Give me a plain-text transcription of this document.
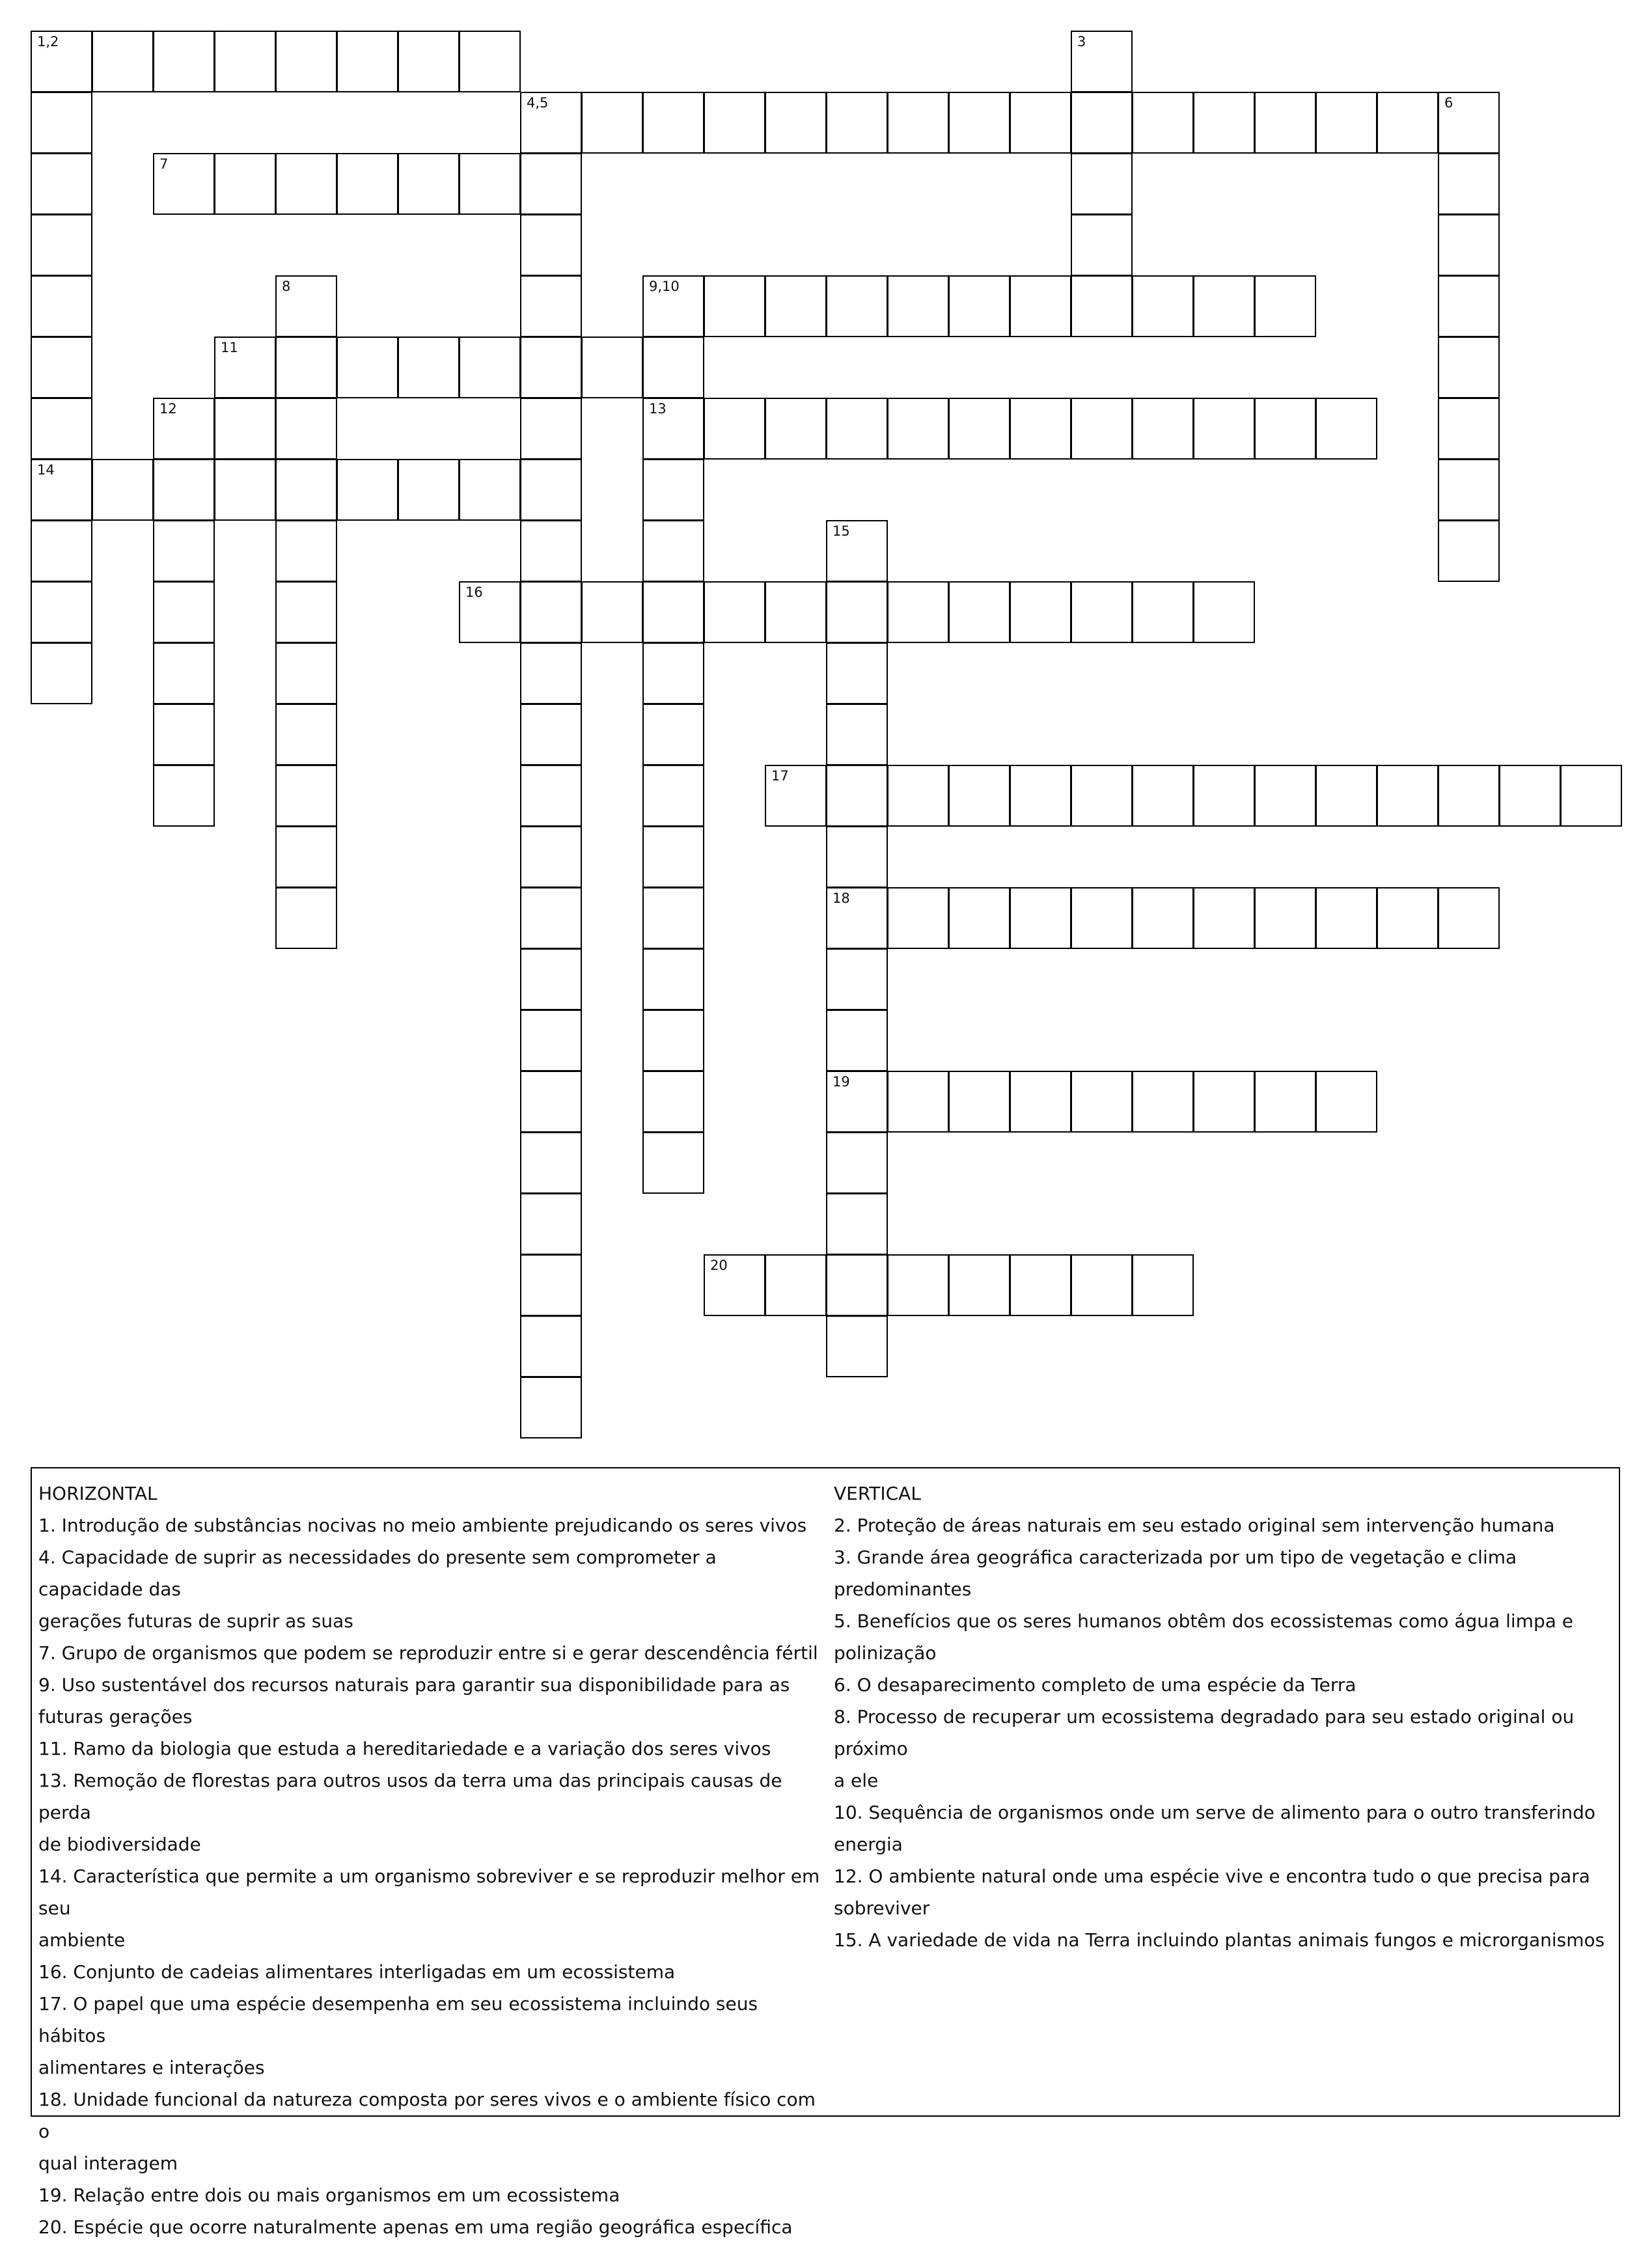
1,2	3
4,5	6
7
8	9,10
11
12	13
14
15
16
17
18
19
20
HORIZONTAL
1. Introdução de substâncias nocivas no meio ambiente prejudicando os seres vivos
4. Capacidade de suprir as necessidades do presente sem comprometer a capacidade das
gerações futuras de suprir as suas
7. Grupo de organismos que podem se reproduzir entre si e gerar descendência fértil
9. Uso sustentável dos recursos naturais para garantir sua disponibilidade para as
futuras gerações
11. Ramo da biologia que estuda a hereditariedade e a variação dos seres vivos
13. Remoção de florestas para outros usos da terra uma das principais causas de perda
de biodiversidade
14. Característica que permite a um organismo sobreviver e se reproduzir melhor em seu
ambiente
16. Conjunto de cadeias alimentares interligadas em um ecossistema
17. O papel que uma espécie desempenha em seu ecossistema incluindo seus hábitos
alimentares e interações
18. Unidade funcional da natureza composta por seres vivos e o ambiente físico com o
qual interagem
19. Relação entre dois ou mais organismos em um ecossistema
20. Espécie que ocorre naturalmente apenas em uma região geográfica específica
VERTICAL
2. Proteção de áreas naturais em seu estado original sem intervenção humana
3. Grande área geográfica caracterizada por um tipo de vegetação e clima predominantes
5. Benefícios que os seres humanos obtêm dos ecossistemas como água limpa e
polinização
6. O desaparecimento completo de uma espécie da Terra
8. Processo de recuperar um ecossistema degradado para seu estado original ou próximo
a ele
10. Sequência de organismos onde um serve de alimento para o outro transferindo
energia
12. O ambiente natural onde uma espécie vive e encontra tudo o que precisa para
sobreviver
15. A variedade de vida na Terra incluindo plantas animais fungos e microrganismos
